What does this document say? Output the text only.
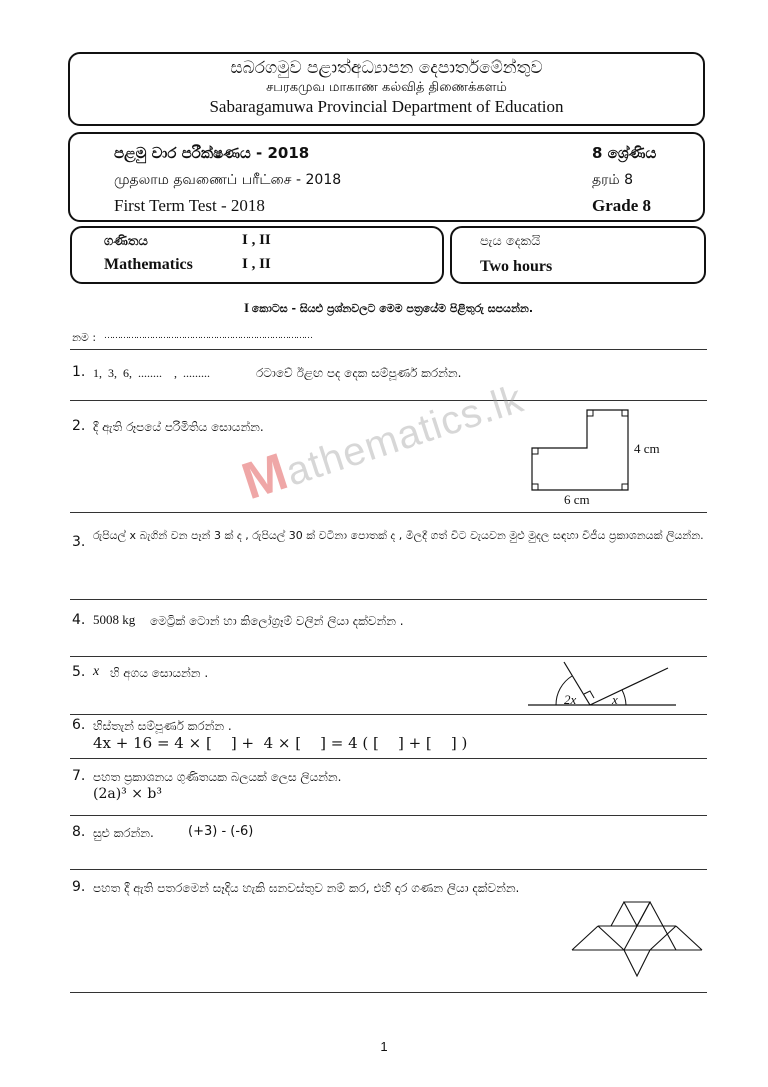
සබරගමුව පළාත්අධ්‍යාපන දෙපාර්තමේන්තුව
சபரகமுவ மாகாண கல்வித் திணைக்களம்
Sabaragamuwa Provincial Department of Education
පළමු වාර පරීක්ෂණය - 2018
முதலாம தவணைப் பரீட்சை - 2018
First Term Test - 2018
8 ශ්‍රේණිය
தரம் 8
Grade 8
ගණිතය	I , II
Mathematics	I , II
පැය දෙකයි
Two hours
I කොටස - සියළු ප්‍රශ්නවලට මෙම පත්‍රයේම පිළිතුරු සපයන්න.
නම : ……………………………………………………………………
1. 1,  3,  6,  ........    ,  .........	රටාවේ ඊළඟ පද දෙක සම්පූර්ණ කරන්න.
2. දී ඇති රූපයේ පරිමිතිය සොයන්න.
4 cm
6 cm
3. රුපියල් x බැගින් වන පෑන් 3 ක් ද , රුපියල් 30 ක් වටිනා පොතක් ද , මිලදී ගත් විට වැයවන මුළු මුදල සඳහා වීජීය ප්‍රකාශනයක් ලියන්න.
Mathematics.lk
4. 5008 kg මෙට්‍රික් ටොන් හා කිලෝග්‍රෑම් වලින් ලියා දක්වන්න .
5. x හි අගය සොයන්න .
2x	x
6. හිස්තැන් සම්පූර්ණ කරන්න .
4x + 16 = 4 × [    ] +  4 × [    ] = 4 ( [    ] + [    ] )
7. පහත ප්‍රකාශනය ගුණිතයක බලයක් ලෙස ලියන්න.
(2a)³ × b³
8. සුළු කරන්න.	(+3) - (-6)
9. පහත දී ඇති පතරමෙන් සෑදිය හැකි ඝනවස්තුව නම් කර, එහි දාර ගණන ලියා දක්වන්න.
1
